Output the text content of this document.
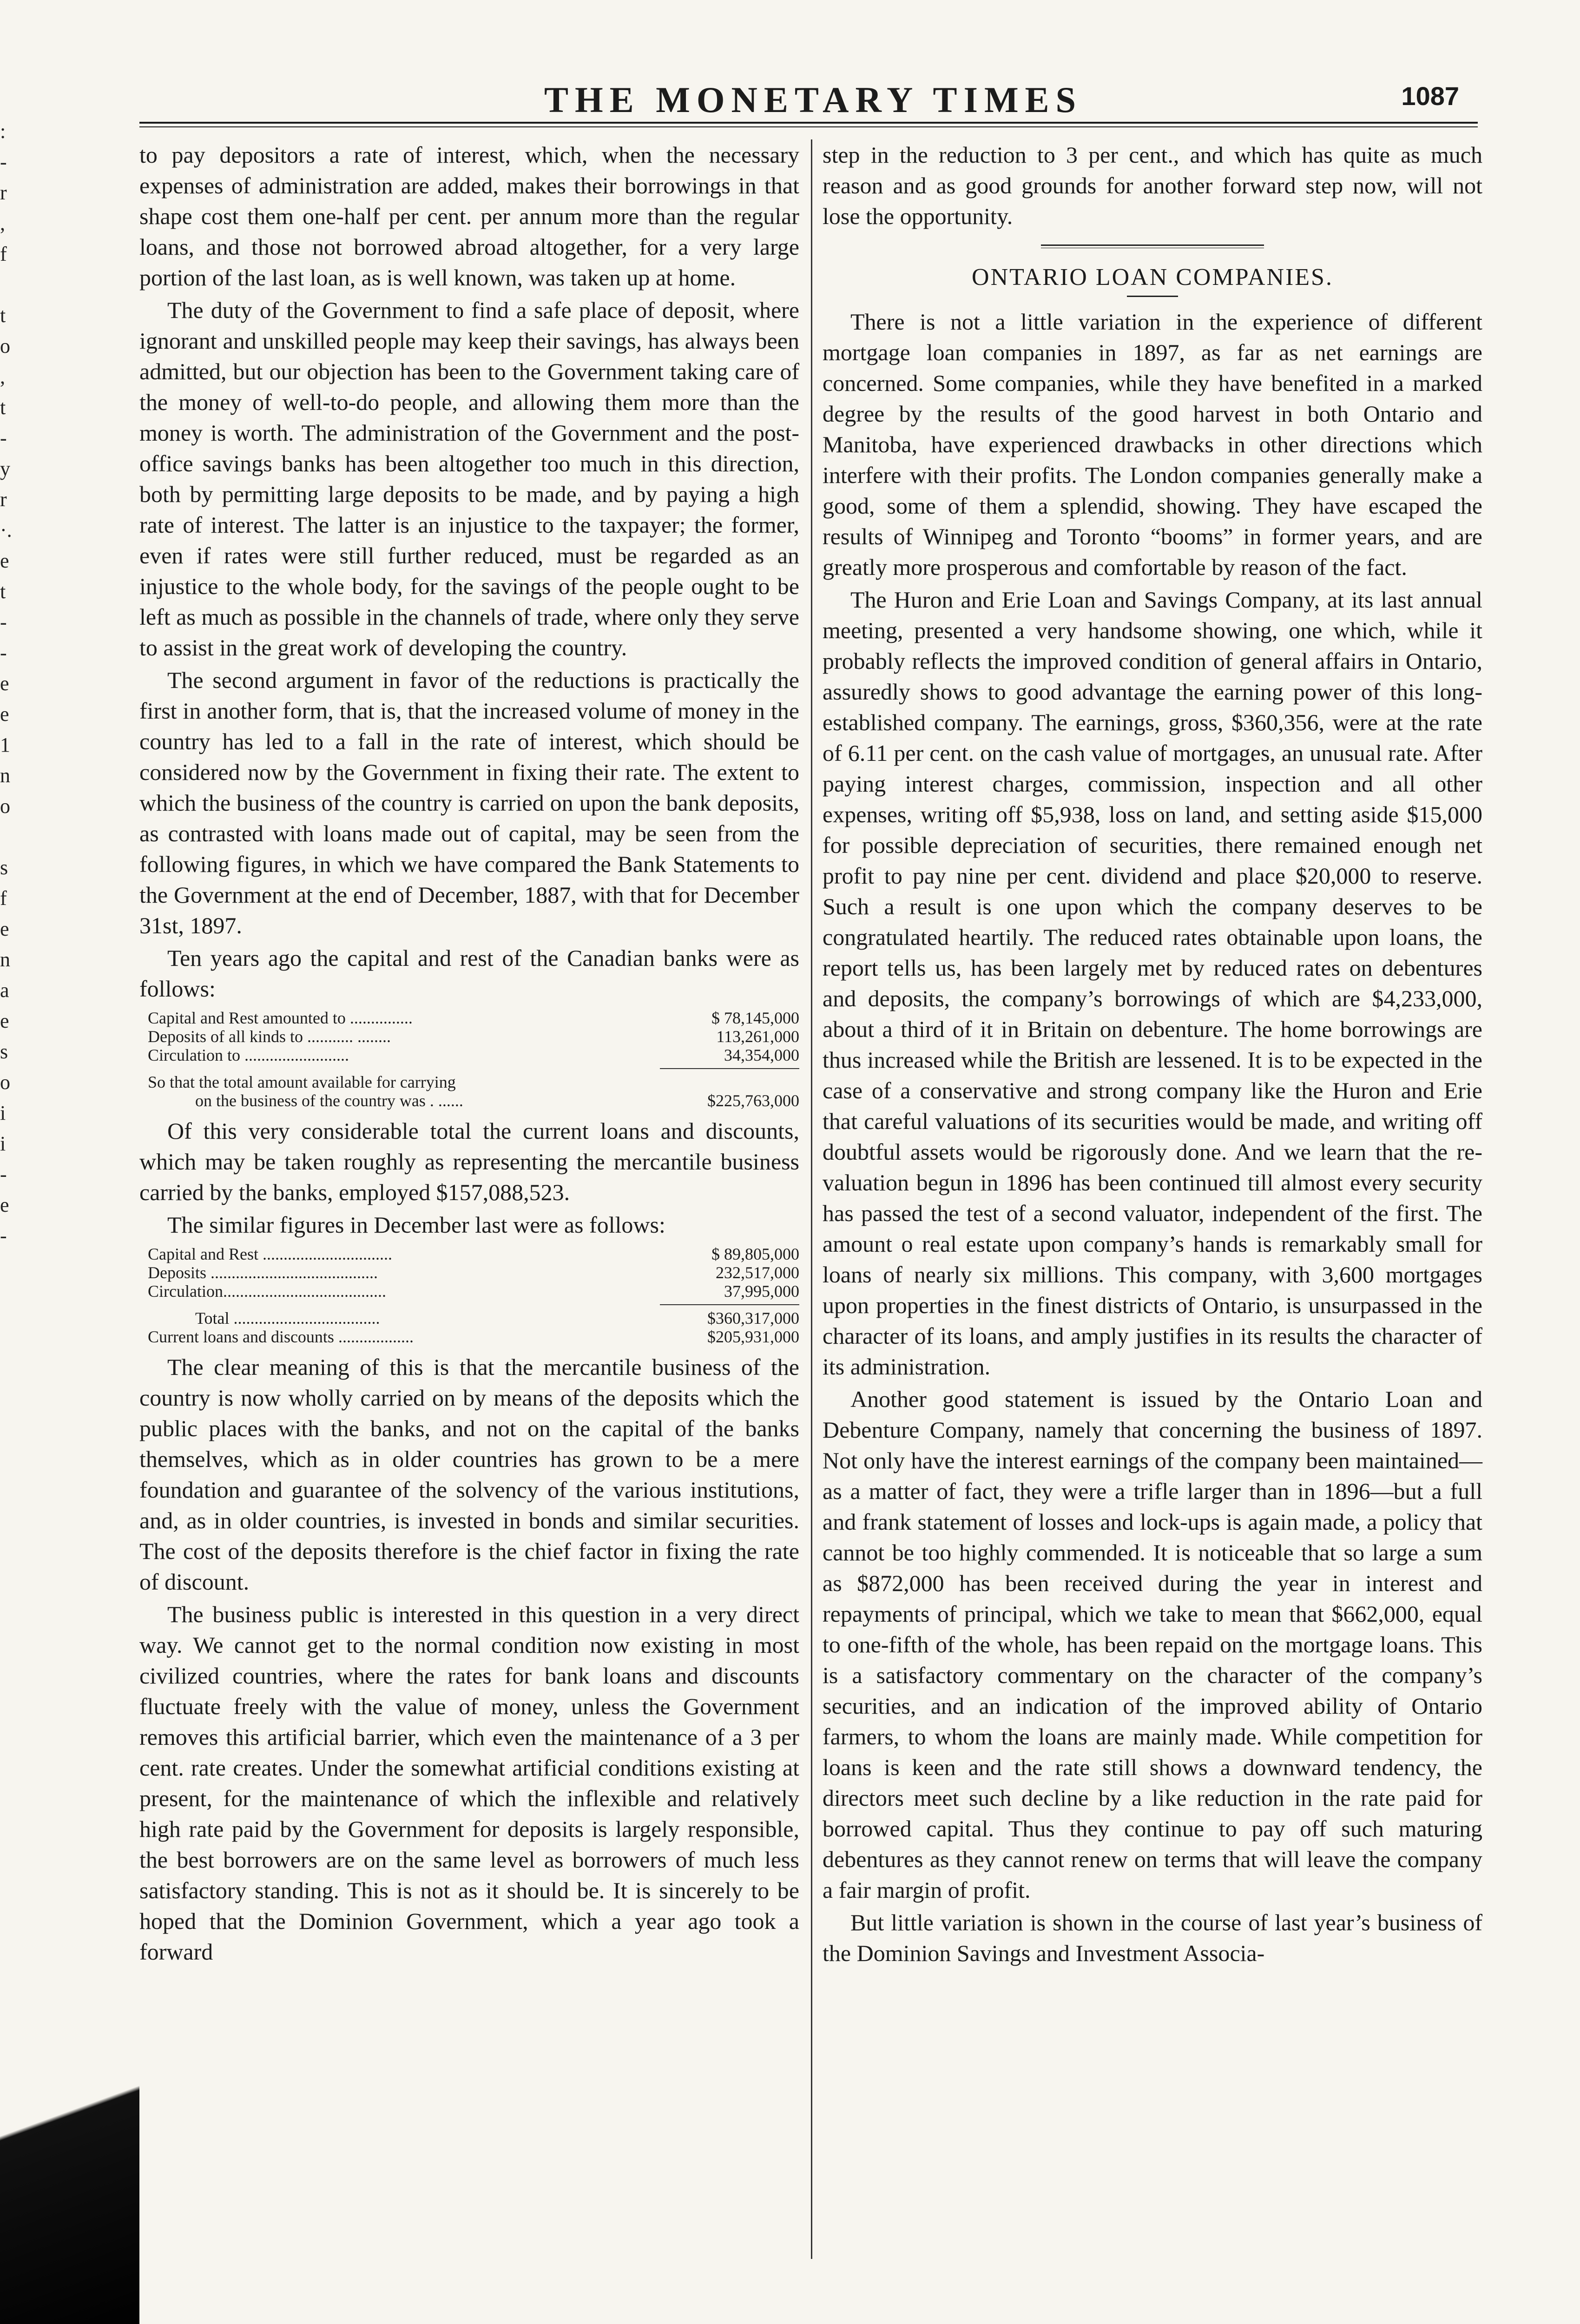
:
-
r
,
f
t
o
,
t
-
y
r
·.
e
t
-
-
e
e
1
n
o
s
f
e
n
a
e
s
o
i
i
-
e
-
THE MONETARY TIMES	1087

to pay depositors a rate of interest, which, when the necessary expenses of administration are added, makes their borrowings in that shape cost them one-half per cent. per annum more than the regular loans, and those not borrowed abroad altogether, for a very large portion of the last loan, as is well known, was taken up at home.

The duty of the Government to find a safe place of deposit, where ignorant and unskilled people may keep their savings, has always been admitted, but our objection has been to the Government taking care of the money of well-to-do people, and allowing them more than the money is worth. The administration of the Government and the post-office savings banks has been altogether too much in this direction, both by permitting large deposits to be made, and by paying a high rate of interest. The latter is an injustice to the taxpayer; the former, even if rates were still further reduced, must be regarded as an injustice to the whole body, for the savings of the people ought to be left as much as possible in the channels of trade, where only they serve to assist in the great work of developing the country.

The second argument in favor of the reductions is practically the first in another form, that is, that the increased volume of money in the country has led to a fall in the rate of interest, which should be considered now by the Government in fixing their rate. The extent to which the business of the country is carried on upon the bank deposits, as contrasted with loans made out of capital, may be seen from the following figures, in which we have compared the Bank Statements to the Government at the end of December, 1887, with that for December 31st, 1897.

Ten years ago the capital and rest of the Canadian banks were as follows:

Capital and Rest amounted to ...............	$ 78,145,000
Deposits of all kinds to ........... ........	113,261,000
Circulation to .........................	34,354,000
So that the total amount available for carrying
on the business of the country was . ......	$225,763,000

Of this very considerable total the current loans and discounts, which may be taken roughly as representing the mercantile business carried by the banks, employed $157,088,523.

The similar figures in December last were as follows:

Capital and Rest ...............................	$ 89,805,000
Deposits ........................................	232,517,000
Circulation.......................................	37,995,000
Total ...................................	$360,317,000
Current loans and discounts ..................	$205,931,000

The clear meaning of this is that the mercantile business of the country is now wholly carried on by means of the deposits which the public places with the banks, and not on the capital of the banks themselves, which as in older countries has grown to be a mere foundation and guarantee of the solvency of the various institutions, and, as in older countries, is invested in bonds and similar securities. The cost of the deposits therefore is the chief factor in fixing the rate of discount.

The business public is interested in this question in a very direct way. We cannot get to the normal condition now existing in most civilized countries, where the rates for bank loans and discounts fluctuate freely with the value of money, unless the Government removes this artificial barrier, which even the maintenance of a 3 per cent. rate creates. Under the somewhat artificial conditions existing at present, for the maintenance of which the inflexible and relatively high rate paid by the Government for deposits is largely responsible, the best borrowers are on the same level as borrowers of much less satisfactory standing. This is not as it should be. It is sincerely to be hoped that the Dominion Government, which a year ago took a forward

step in the reduction to 3 per cent., and which has quite as much reason and as good grounds for another forward step now, will not lose the opportunity.

ONTARIO LOAN COMPANIES.

There is not a little variation in the experience of different mortgage loan companies in 1897, as far as net earnings are concerned. Some companies, while they have benefited in a marked degree by the results of the good harvest in both Ontario and Manitoba, have experienced drawbacks in other directions which interfere with their profits. The London companies generally make a good, some of them a splendid, showing. They have escaped the results of Winnipeg and Toronto “booms” in former years, and are greatly more prosperous and comfortable by reason of the fact.

The Huron and Erie Loan and Savings Company, at its last annual meeting, presented a very handsome showing, one which, while it probably reflects the improved condition of general affairs in Ontario, assuredly shows to good advantage the earning power of this long-established company. The earnings, gross, $360,356, were at the rate of 6.11 per cent. on the cash value of mortgages, an unusual rate. After paying interest charges, commission, inspection and all other expenses, writing off $5,938, loss on land, and setting aside $15,000 for possible depreciation of securities, there remained enough net profit to pay nine per cent. dividend and place $20,000 to reserve. Such a result is one upon which the company deserves to be congratulated heartily. The reduced rates obtainable upon loans, the report tells us, has been largely met by reduced rates on debentures and deposits, the company’s borrowings of which are $4,233,000, about a third of it in Britain on debenture. The home borrowings are thus increased while the British are lessened. It is to be expected in the case of a conservative and strong company like the Huron and Erie that careful valuations of its securities would be made, and writing off doubtful assets would be rigorously done. And we learn that the re-valuation begun in 1896 has been continued till almost every security has passed the test of a second valuator, independent of the first. The amount o real estate upon company’s hands is remarkably small for loans of nearly six millions. This company, with 3,600 mortgages upon properties in the finest districts of Ontario, is unsurpassed in the character of its loans, and amply justifies in its results the character of its administration.

Another good statement is issued by the Ontario Loan and Debenture Company, namely that concerning the business of 1897. Not only have the interest earnings of the company been maintained—as a matter of fact, they were a trifle larger than in 1896—but a full and frank statement of losses and lock-ups is again made, a policy that cannot be too highly commended. It is noticeable that so large a sum as $872,000 has been received during the year in interest and repayments of principal, which we take to mean that $662,000, equal to one-fifth of the whole, has been repaid on the mortgage loans. This is a satisfactory commentary on the character of the company’s securities, and an indication of the improved ability of Ontario farmers, to whom the loans are mainly made. While competition for loans is keen and the rate still shows a downward tendency, the directors meet such decline by a like reduction in the rate paid for borrowed capital. Thus they continue to pay off such maturing debentures as they cannot renew on terms that will leave the company a fair margin of profit.

But little variation is shown in the course of last year’s business of the Dominion Savings and Investment Associa-
